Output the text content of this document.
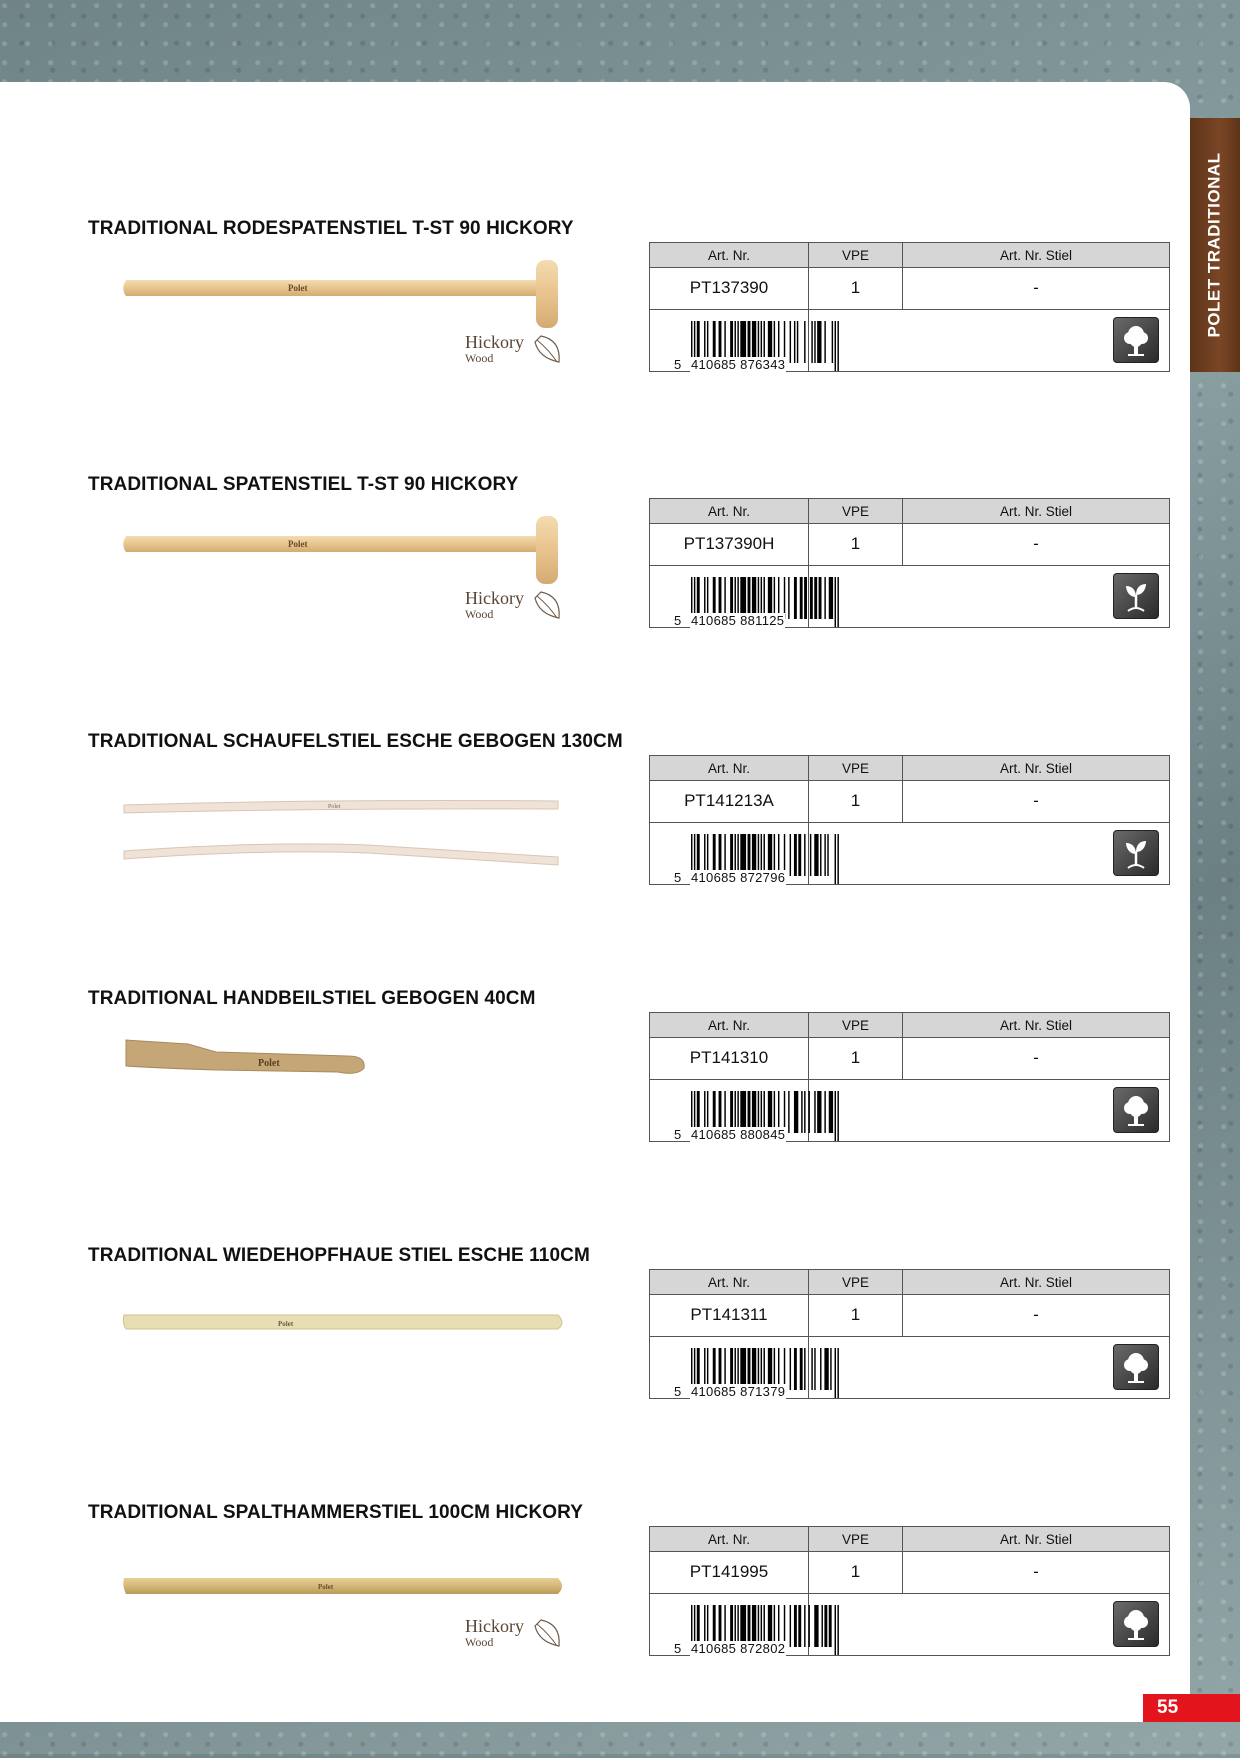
POLET TRADITIONAL
TRADITIONAL RODESPATENSTIEL T-ST 90 HICKORY
Polet
Hickory
Wood
Art. Nr.	VPE	Art. Nr. Stiel
PT137390	1	-
5 410685 876343
TRADITIONAL SPATENSTIEL T-ST 90 HICKORY
Polet
Hickory
Wood
Art. Nr.	VPE	Art. Nr. Stiel
PT137390H	1	-
5 410685 881125
TRADITIONAL SCHAUFELSTIEL ESCHE GEBOGEN 130CM
Polet
Art. Nr.	VPE	Art. Nr. Stiel
PT141213A	1	-
5 410685 872796
TRADITIONAL HANDBEILSTIEL GEBOGEN 40CM
Polet
Art. Nr.	VPE	Art. Nr. Stiel
PT141310	1	-
5 410685 880845
TRADITIONAL WIEDEHOPFHAUE STIEL ESCHE 110CM
Polet
Art. Nr.	VPE	Art. Nr. Stiel
PT141311	1	-
5 410685 871379
TRADITIONAL SPALTHAMMERSTIEL 100CM HICKORY
Polet
Hickory
Wood
Art. Nr.	VPE	Art. Nr. Stiel
PT141995	1	-
5 410685 872802
55
